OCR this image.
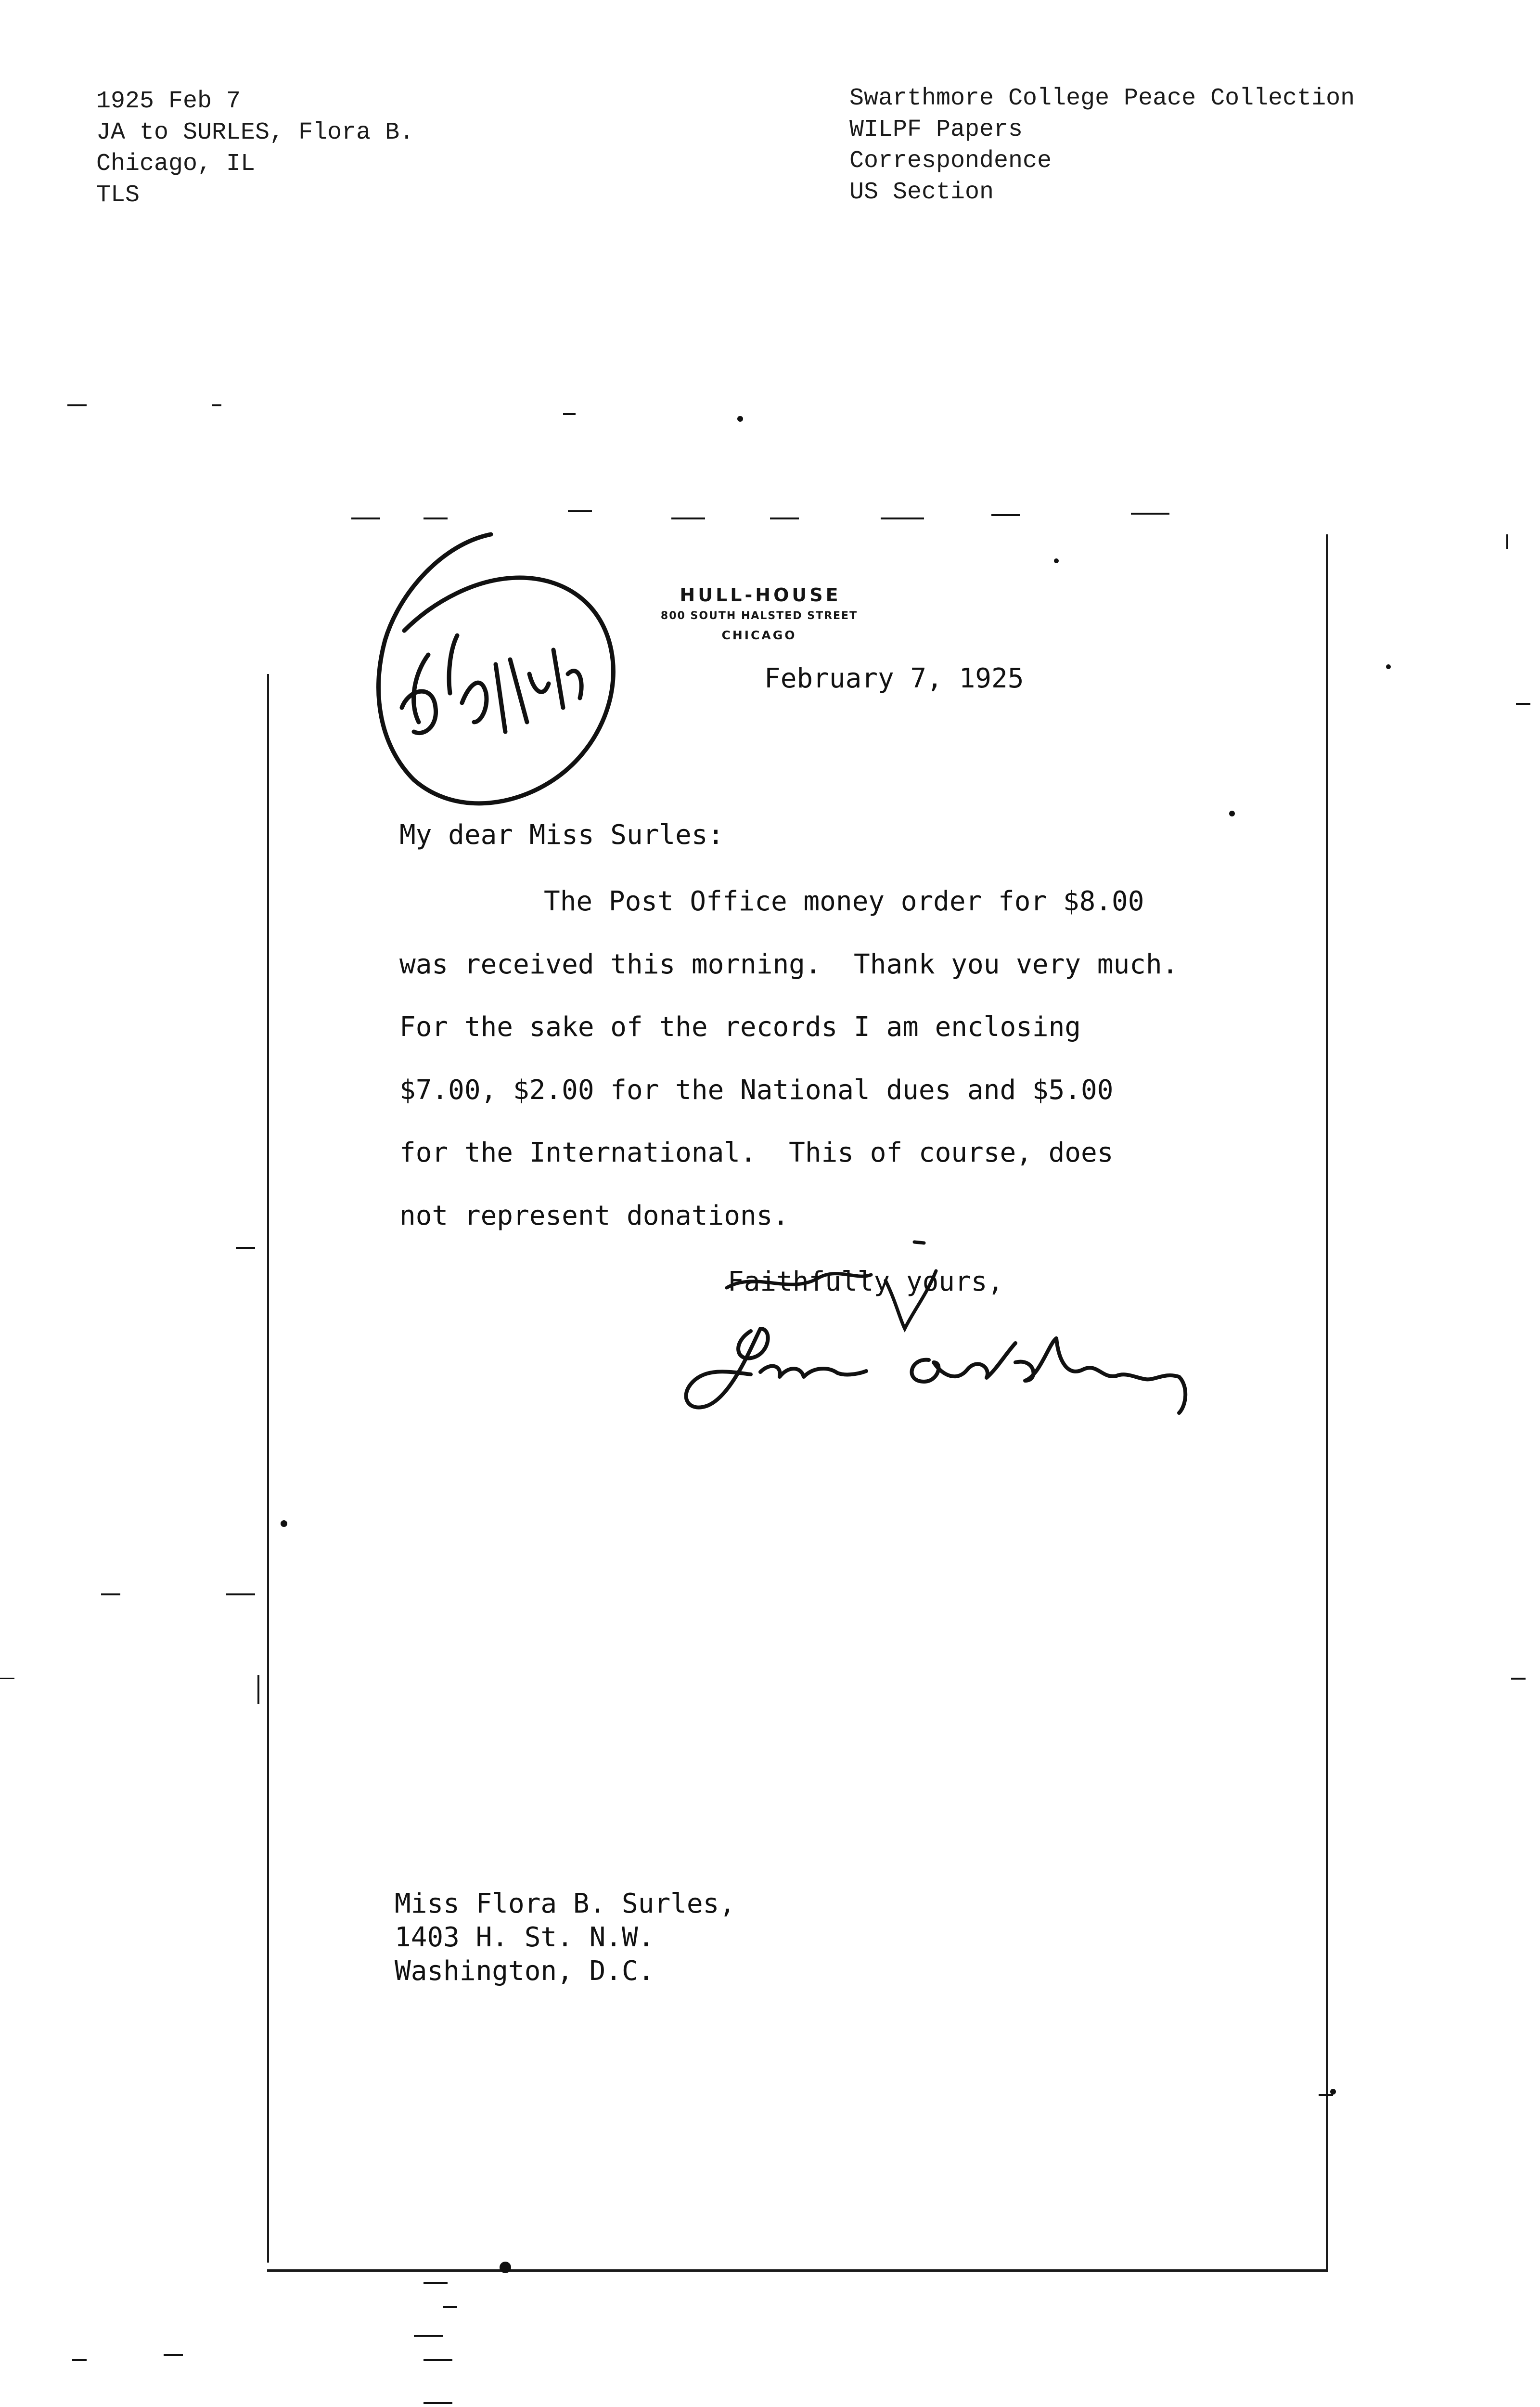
1925 Feb 7
JA to SURLES, Flora B.
Chicago, IL
TLS
Swarthmore College Peace Collection
WILPF Papers
Correspondence
US Section
HULL-HOUSE
800 SOUTH HALSTED STREET
CHICAGO
February 7, 1925
My dear Miss Surles:
The Post Office money order for $8.00
was received this morning.  Thank you very much.
For the sake of the records I am enclosing
$7.00, $2.00 for the National dues and $5.00
for the International.  This of course, does
not represent donations.
Faithfully yours,
Miss Flora B. Surles,
1403 H. St. N.W.
Washington, D.C.
